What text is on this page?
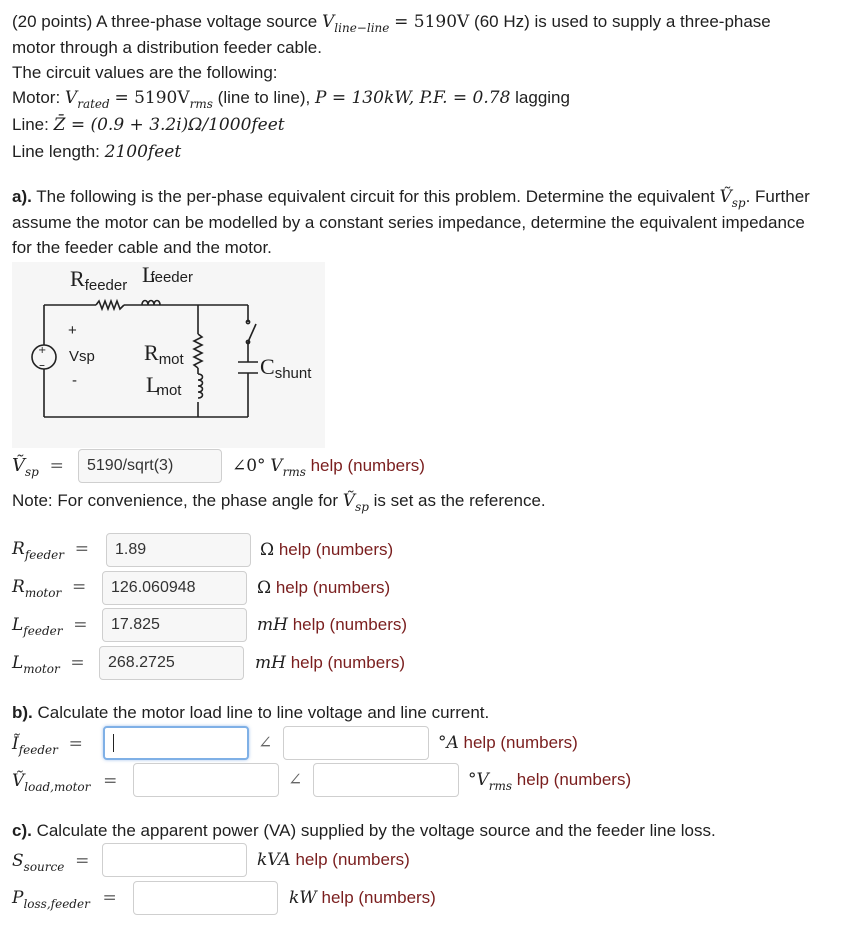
(20 points) A three-phase voltage source $V_{line-line} = 5190V$ (60 Hz) is used to supply a three-phase
motor through a distribution feeder cable.
The circuit values are the following:
Motor: $V_{rated} = 5190V_{rms}$ (line to line), P = 130kW, P.F. = 0.78 lagging
Line: Z̄ = (0.9 + 3.2i)Ω/1000feet
Line length: 2100feet
a). The following is the per-phase equivalent circuit for this problem. Determine the equivalent Ṽ$_{sp}$. Further
assume the motor can be modelled by a constant series impedance, determine the equivalent impedance
for the feeder cable and the motor.
+
–
Rfeeder Lfeeder
+
Vsp
-
Rmot
Lmot
Cshunt
Ṽ$_{sp}$ =	5190/sqrt(3)	∠0° $V_{rms}$ help (numbers)
Note: For convenience, the phase angle for Ṽ$_{sp}$ is set as the reference.
$R_{feeder}$ =	1.89	Ω help (numbers)
$R_{motor}$ =	126.060948	Ω help (numbers)
$L_{feeder}$ =	17.825	mH help (numbers)
$L_{motor}$ =	268.2725	mH help (numbers)
b). Calculate the motor load line to line voltage and line current.
$Ĩ_{feeder}$ =	∠	°A help (numbers)
Ṽ$_{load,motor}$ =	∠	$^\circ V_{rms}$ help (numbers)
c). Calculate the apparent power (VA) supplied by the voltage source and the feeder line loss.
$S_{source}$ =	kVA help (numbers)
$P_{loss,feeder}$ =	kW help (numbers)
